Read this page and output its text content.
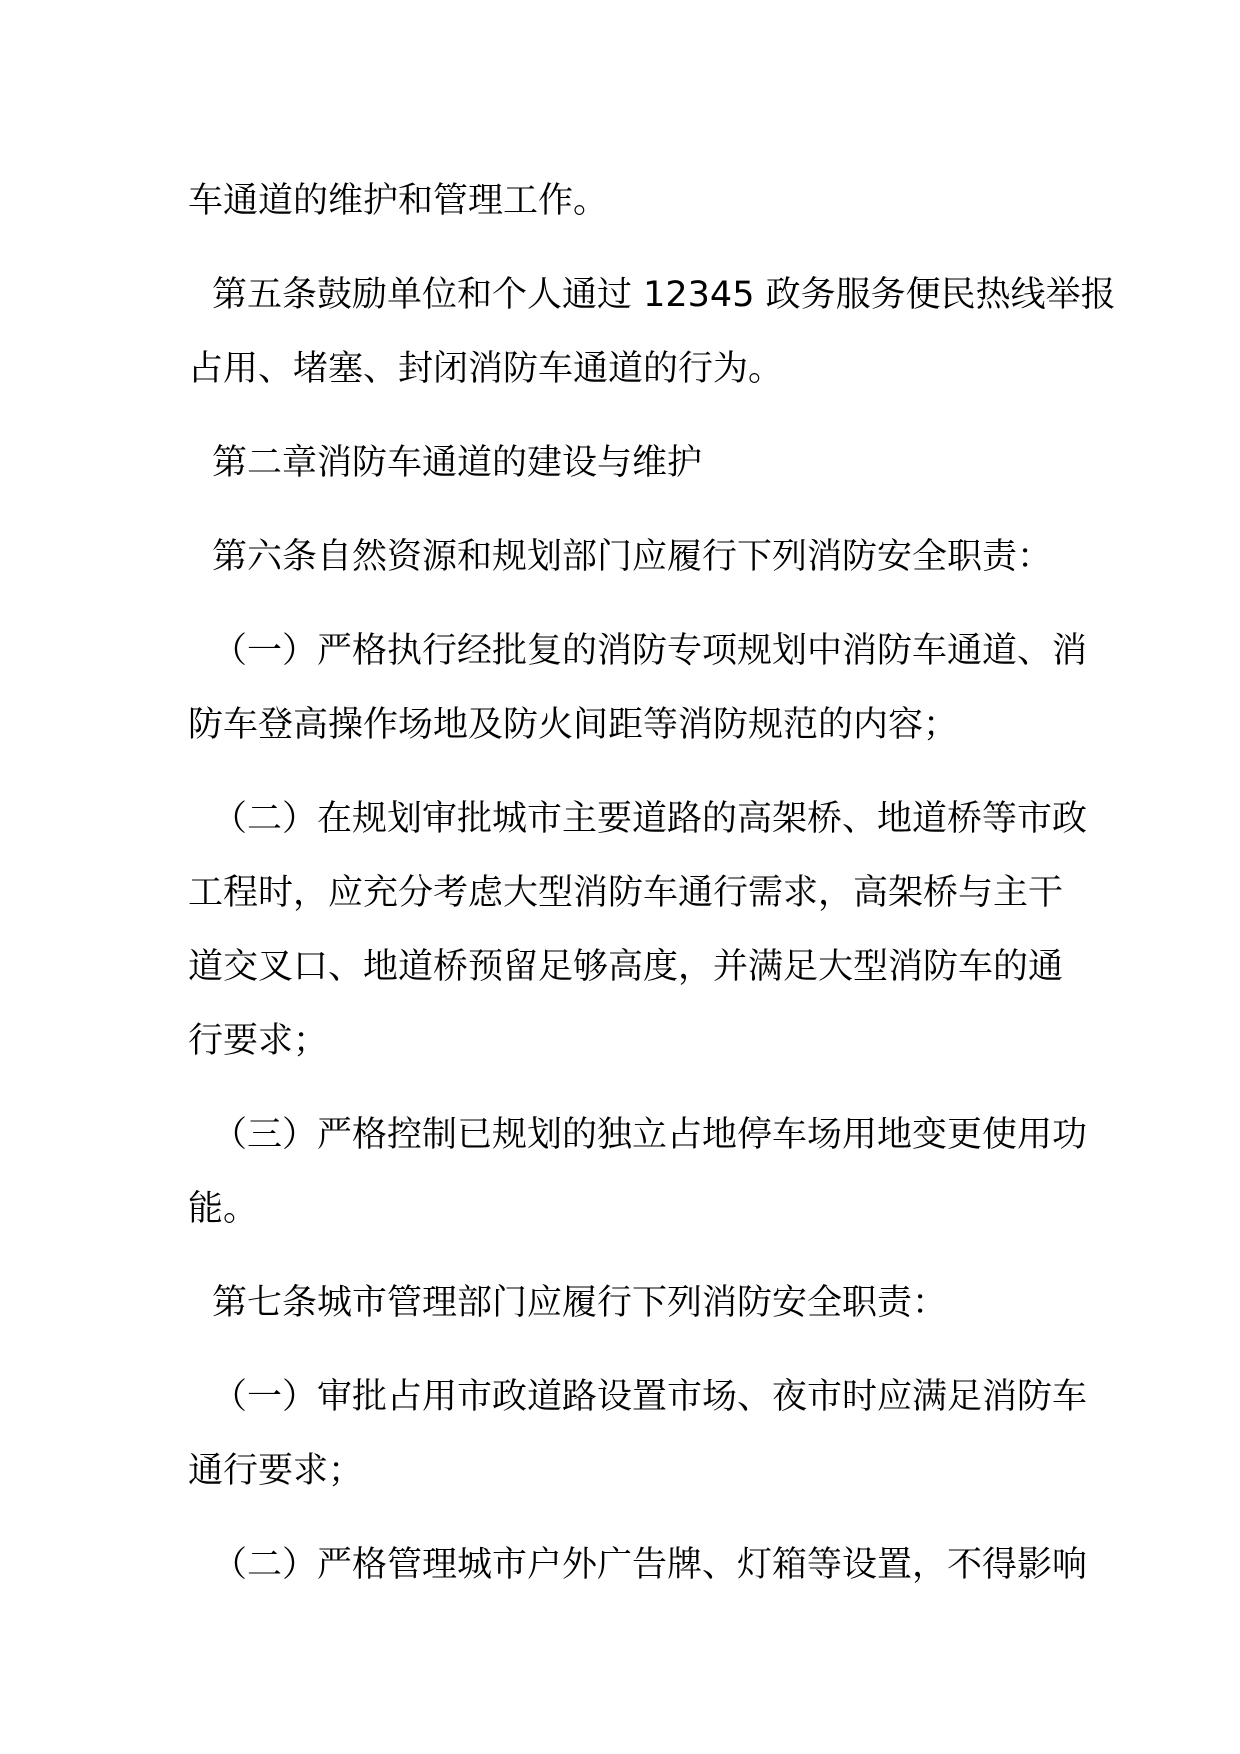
车通道的维护和管理工作。

第五条鼓励单位和个人通过 12345 政务服务便民热线举报
占用、堵塞、封闭消防车通道的行为。

第二章消防车通道的建设与维护

第六条自然资源和规划部门应履行下列消防安全职责：

（一）严格执行经批复的消防专项规划中消防车通道、消
防车登高操作场地及防火间距等消防规范的内容；

（二）在规划审批城市主要道路的高架桥、地道桥等市政
工程时，应充分考虑大型消防车通行需求，高架桥与主干
道交叉口、地道桥预留足够高度，并满足大型消防车的通
行要求；

（三）严格控制已规划的独立占地停车场用地变更使用功
能。

第七条城市管理部门应履行下列消防安全职责：

（一）审批占用市政道路设置市场、夜市时应满足消防车
通行要求；

（二）严格管理城市户外广告牌、灯箱等设置，不得影响
